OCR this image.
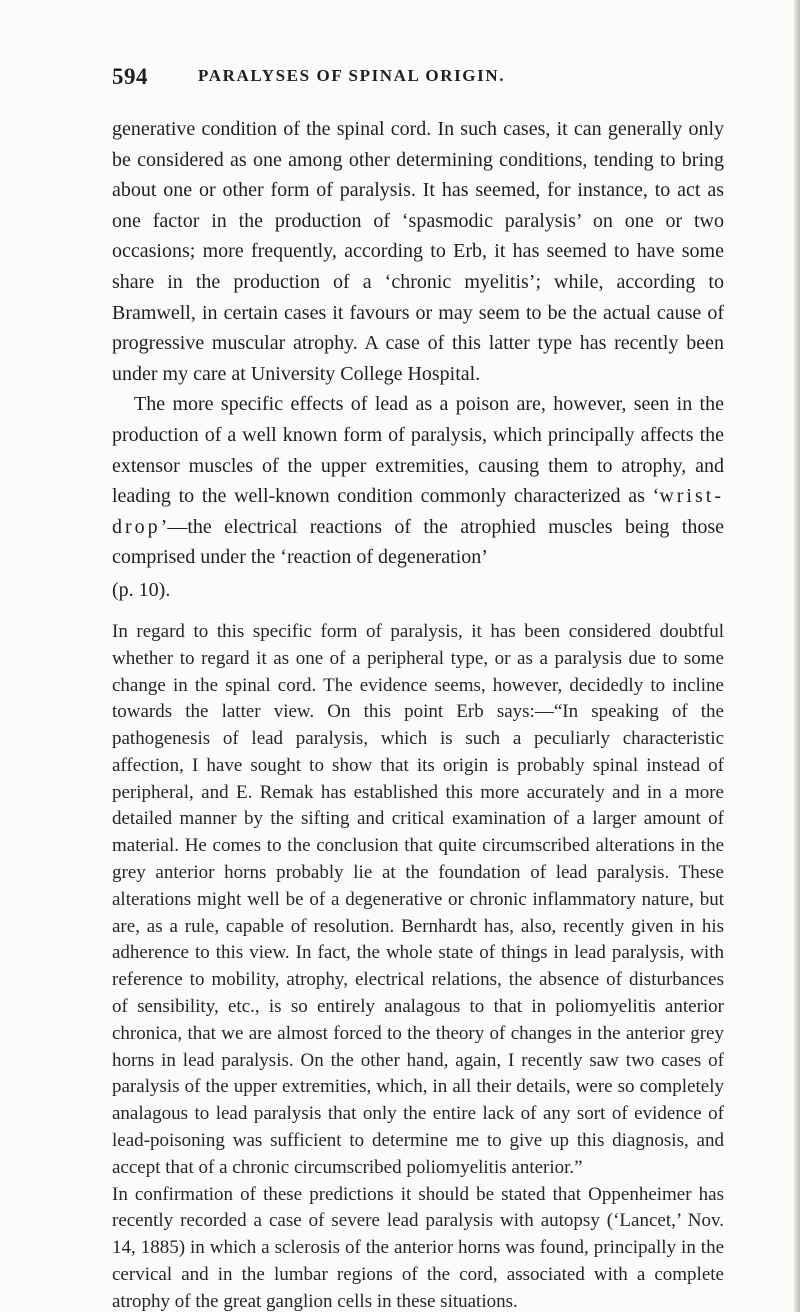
594	PARALYSES OF SPINAL ORIGIN.

generative condition of the spinal cord. In such cases, it can generally only be considered as one among other determining conditions, tending to bring about one or other form of paralysis. It has seemed, for instance, to act as one factor in the production of ‘spasmodic paralysis’ on one or two occasions; more frequently, according to Erb, it has seemed to have some share in the production of a ‘chronic myelitis’; while, according to Bramwell, in certain cases it favours or may seem to be the actual cause of progressive muscular atrophy. A case of this latter type has recently been under my care at University College Hospital.

The more specific effects of lead as a poison are, however, seen in the production of a well known form of paralysis, which principally affects the extensor muscles of the upper extremities, causing them to atrophy, and leading to the well-known condition commonly characterized as ‘wrist-drop’—the electrical reactions of the atrophied muscles being those comprised under the ‘reaction of degeneration’

(p. 10).

In regard to this specific form of paralysis, it has been considered doubtful whether to regard it as one of a peripheral type, or as a paralysis due to some change in the spinal cord. The evidence seems, however, decidedly to incline towards the latter view. On this point Erb says:—“In speaking of the pathogenesis of lead paralysis, which is such a peculiarly characteristic affection, I have sought to show that its origin is probably spinal instead of peripheral, and E. Remak has established this more accurately and in a more detailed manner by the sifting and critical examination of a larger amount of material. He comes to the conclusion that quite circumscribed alterations in the grey anterior horns probably lie at the foundation of lead paralysis. These alterations might well be of a degenerative or chronic inflammatory nature, but are, as a rule, capable of resolution. Bernhardt has, also, recently given in his adherence to this view. In fact, the whole state of things in lead paralysis, with reference to mobility, atrophy, electrical relations, the absence of disturbances of sensibility, etc., is so entirely analagous to that in poliomyelitis anterior chronica, that we are almost forced to the theory of changes in the anterior grey horns in lead paralysis. On the other hand, again, I recently saw two cases of paralysis of the upper extremities, which, in all their details, were so completely analagous to lead paralysis that only the entire lack of any sort of evidence of lead-poisoning was sufficient to determine me to give up this diagnosis, and accept that of a chronic circumscribed poliomyelitis anterior.”

In confirmation of these predictions it should be stated that Oppenheimer has recently recorded a case of severe lead paralysis with autopsy (‘Lancet,’ Nov. 14, 1885) in which a sclerosis of the anterior horns was found, principally in the cervical and in the lumbar regions of the cord, associated with a complete atrophy of the great ganglion cells in these situations.
